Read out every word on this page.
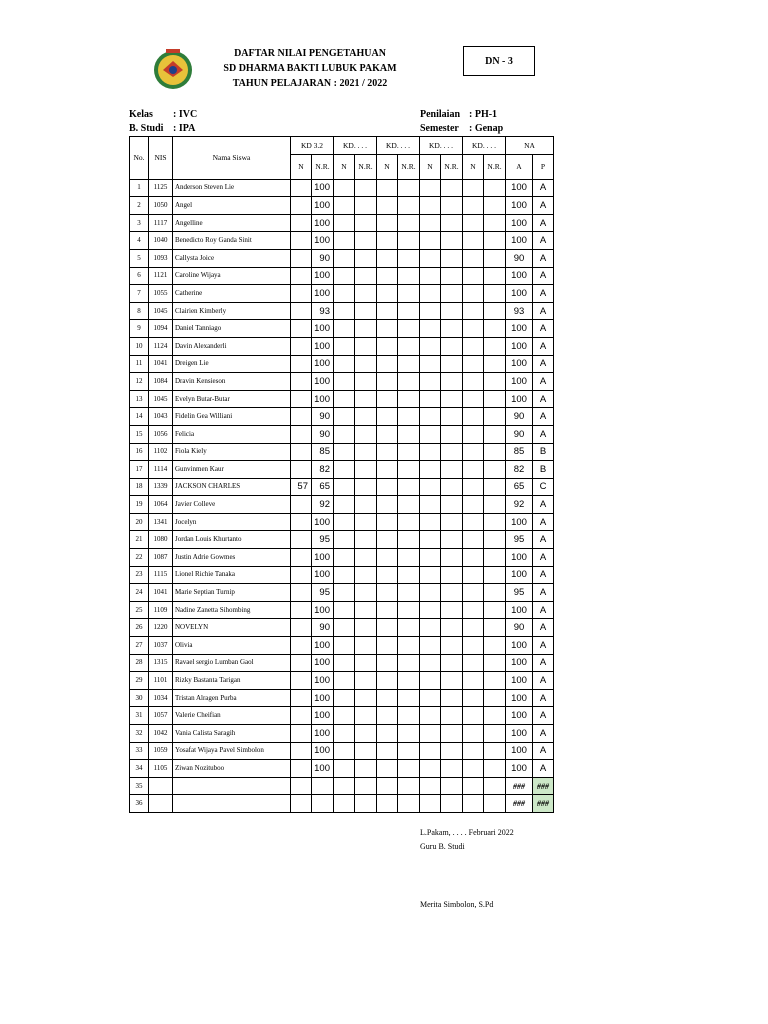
DAFTAR NILAI PENGETAHUAN
SD DHARMA BAKTI LUBUK PAKAM
TAHUN PELAJARAN : 2021 / 2022
DN - 3
Kelas : IVC
B. Studi : IPA
Penilaian : PH-1
Semester : Genap
No.	NIS	Nama Siswa	KD 3.2		KD. . . .		KD. . . .		KD. . . .		KD. . . .		NA	
			N	N.R.	N	N.R.	N	N.R.	N	N.R.	N	N.R.	A	P
1	1125	Anderson Steven Lie		100									100	A
2	1050	Angel		100									100	A
3	1117	Angelline		100									100	A
4	1040	Benedicto Roy Ganda Sinit		100									100	A
5	1093	Callysta Joice		90									90	A
6	1121	Caroline Wijaya		100									100	A
7	1055	Catherine		100									100	A
8	1045	Clairien Kimberly		93									93	A
9	1094	Daniel Tanniago		100									100	A
10	1124	Davin Alexanderli		100									100	A
11	1041	Dreigen Lie		100									100	A
12	1084	Dravin Kensieson		100									100	A
13	1045	Evelyn Butar-Butar		100									100	A
14	1043	Fidelin Gea Williani		90									90	A
15	1056	Felicia		90									90	A
16	1102	Fiola Kiely		85									85	B
17	1114	Gunvinmen Kaur		82									82	B
18	1339	JACKSON CHARLES	57	65									65	C
19	1064	Javier Colleve		92									92	A
20	1341	Jocelyn		100									100	A
21	1080	Jordan Louis Khurtanto		95									95	A
22	1087	Justin Adrie Gowmes		100									100	A
23	1115	Lionel Richie Tanaka		100									100	A
24	1041	Marie Septian Turnip		95									95	A
25	1109	Nadine Zanetta Sihombing		100									100	A
26	1220	NOVELYN		90									90	A
27	1037	Olivia		100									100	A
28	1315	Ravael sergio Lumban Gaol		100									100	A
29	1101	Rizky Bastanta Tarigan		100									100	A
30	1034	Tristan Alragen Purba		100									100	A
31	1057	Valerie Cheifian		100									100	A
32	1042	Vania Calista Saragih		100									100	A
33	1059	Yosafat Wijaya Pavel Simbolon		100									100	A
34	1105	Ziwan Nozituboo		100									100	A
35													###	###
36													###	###
L.Pakam, . . . . Februari 2022
Guru B. Studi
Merita Simbolon, S.Pd
